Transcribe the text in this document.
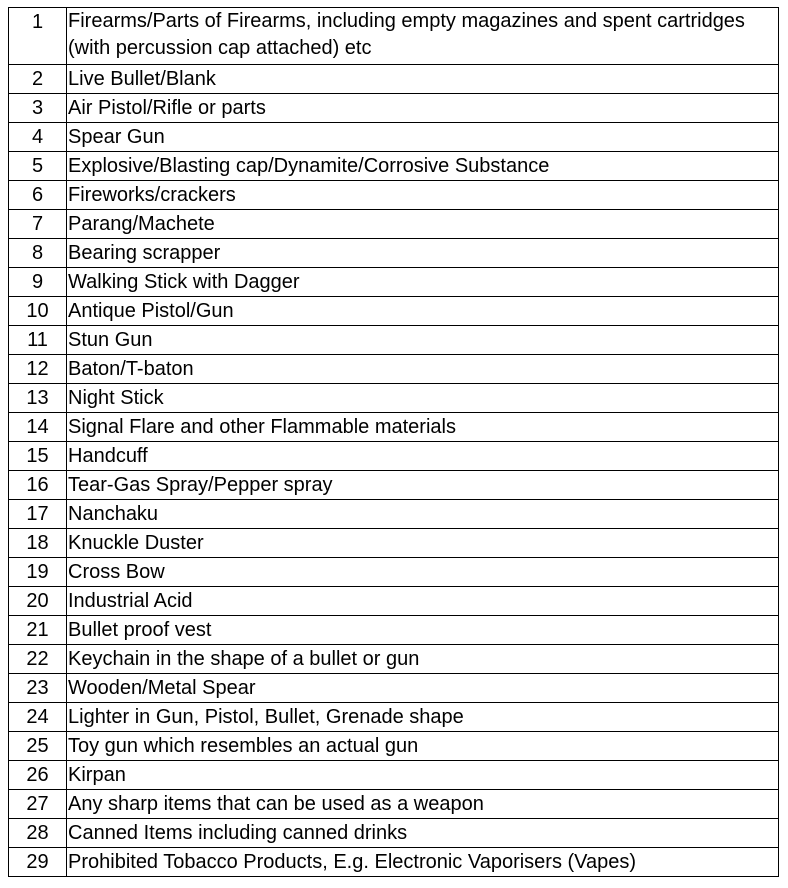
1	Firearms/Parts of Firearms, including empty magazines and spent cartridges (with percussion cap attached) etc
2	Live Bullet/Blank
3	Air Pistol/Rifle or parts
4	Spear Gun
5	Explosive/Blasting cap/Dynamite/Corrosive Substance
6	Fireworks/crackers
7	Parang/Machete
8	Bearing scrapper
9	Walking Stick with Dagger
10	Antique Pistol/Gun
11	Stun Gun
12	Baton/T-baton
13	Night Stick
14	Signal Flare and other Flammable materials
15	Handcuff
16	Tear-Gas Spray/Pepper spray
17	Nanchaku
18	Knuckle Duster
19	Cross Bow
20	Industrial Acid
21	Bullet proof vest
22	Keychain in the shape of a bullet or gun
23	Wooden/Metal Spear
24	Lighter in Gun, Pistol, Bullet, Grenade shape
25	Toy gun which resembles an actual gun
26	Kirpan
27	Any sharp items that can be used as a weapon
28	Canned Items including canned drinks
29	Prohibited Tobacco Products, E.g. Electronic Vaporisers (Vapes)
